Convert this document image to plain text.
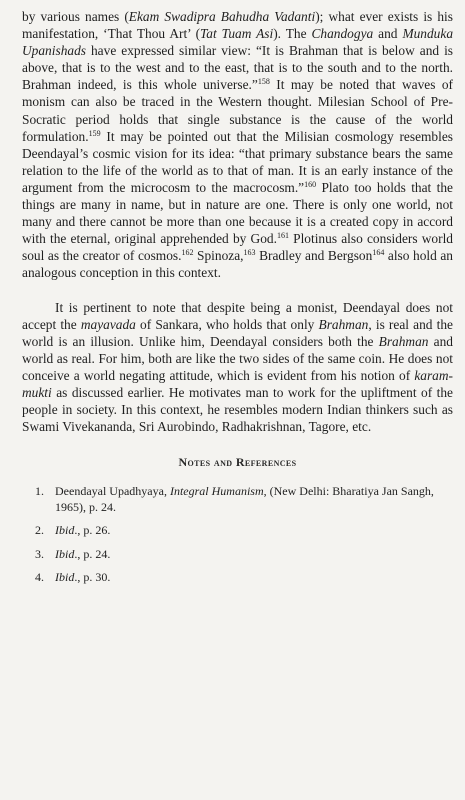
by various names (Ekam Swadipra Bahudha Vadanti); what ever exists is his manifestation, ‘That Thou Art’ (Tat Tuam Asi). The Chandogya and Munduka Upanishads have expressed similar view: “It is Brahman that is below and is above, that is to the west and to the east, that is to the south and to the north. Brahman indeed, is this whole universe.”$^{158}$ It may be noted that waves of monism can also be traced in the Western thought. Milesian School of Pre-Socratic period holds that single substance is the cause of the world formulation.$^{159}$ It may be pointed out that the Milisian cosmology resembles Deendayal’s cosmic vision for its idea: “that primary substance bears the same relation to the life of the world as to that of man. It is an early instance of the argument from the microcosm to the macrocosm.”$^{160}$ Plato too holds that the things are many in name, but in nature are one. There is only one world, not many and there cannot be more than one because it is a created copy in accord with the eternal, original apprehended by God.$^{161}$ Plotinus also considers world soul as the creator of cosmos.$^{162}$ Spinoza,$^{163}$ Bradley and Bergson$^{164}$ also hold an analogous conception in this context.

It is pertinent to note that despite being a monist, Deendayal does not accept the mayavada of Sankara, who holds that only Brahman, is real and the world is an illusion. Unlike him, Deendayal considers both the Brahman and world as real. For him, both are like the two sides of the same coin. He does not conceive a world negating attitude, which is evident from his notion of karam-mukti as discussed earlier. He motivates man to work for the upliftment of the people in society. In this context, he resembles modern Indian thinkers such as Swami Vivekananda, Sri Aurobindo, Radhakrishnan, Tagore, etc.

Notes and References
1. Deendayal Upadhyaya, Integral Humanism, (New Delhi: Bharatiya Jan Sangh, 1965), p. 24.
2. Ibid., p. 26.
3. Ibid., p. 24.
4. Ibid., p. 30.
